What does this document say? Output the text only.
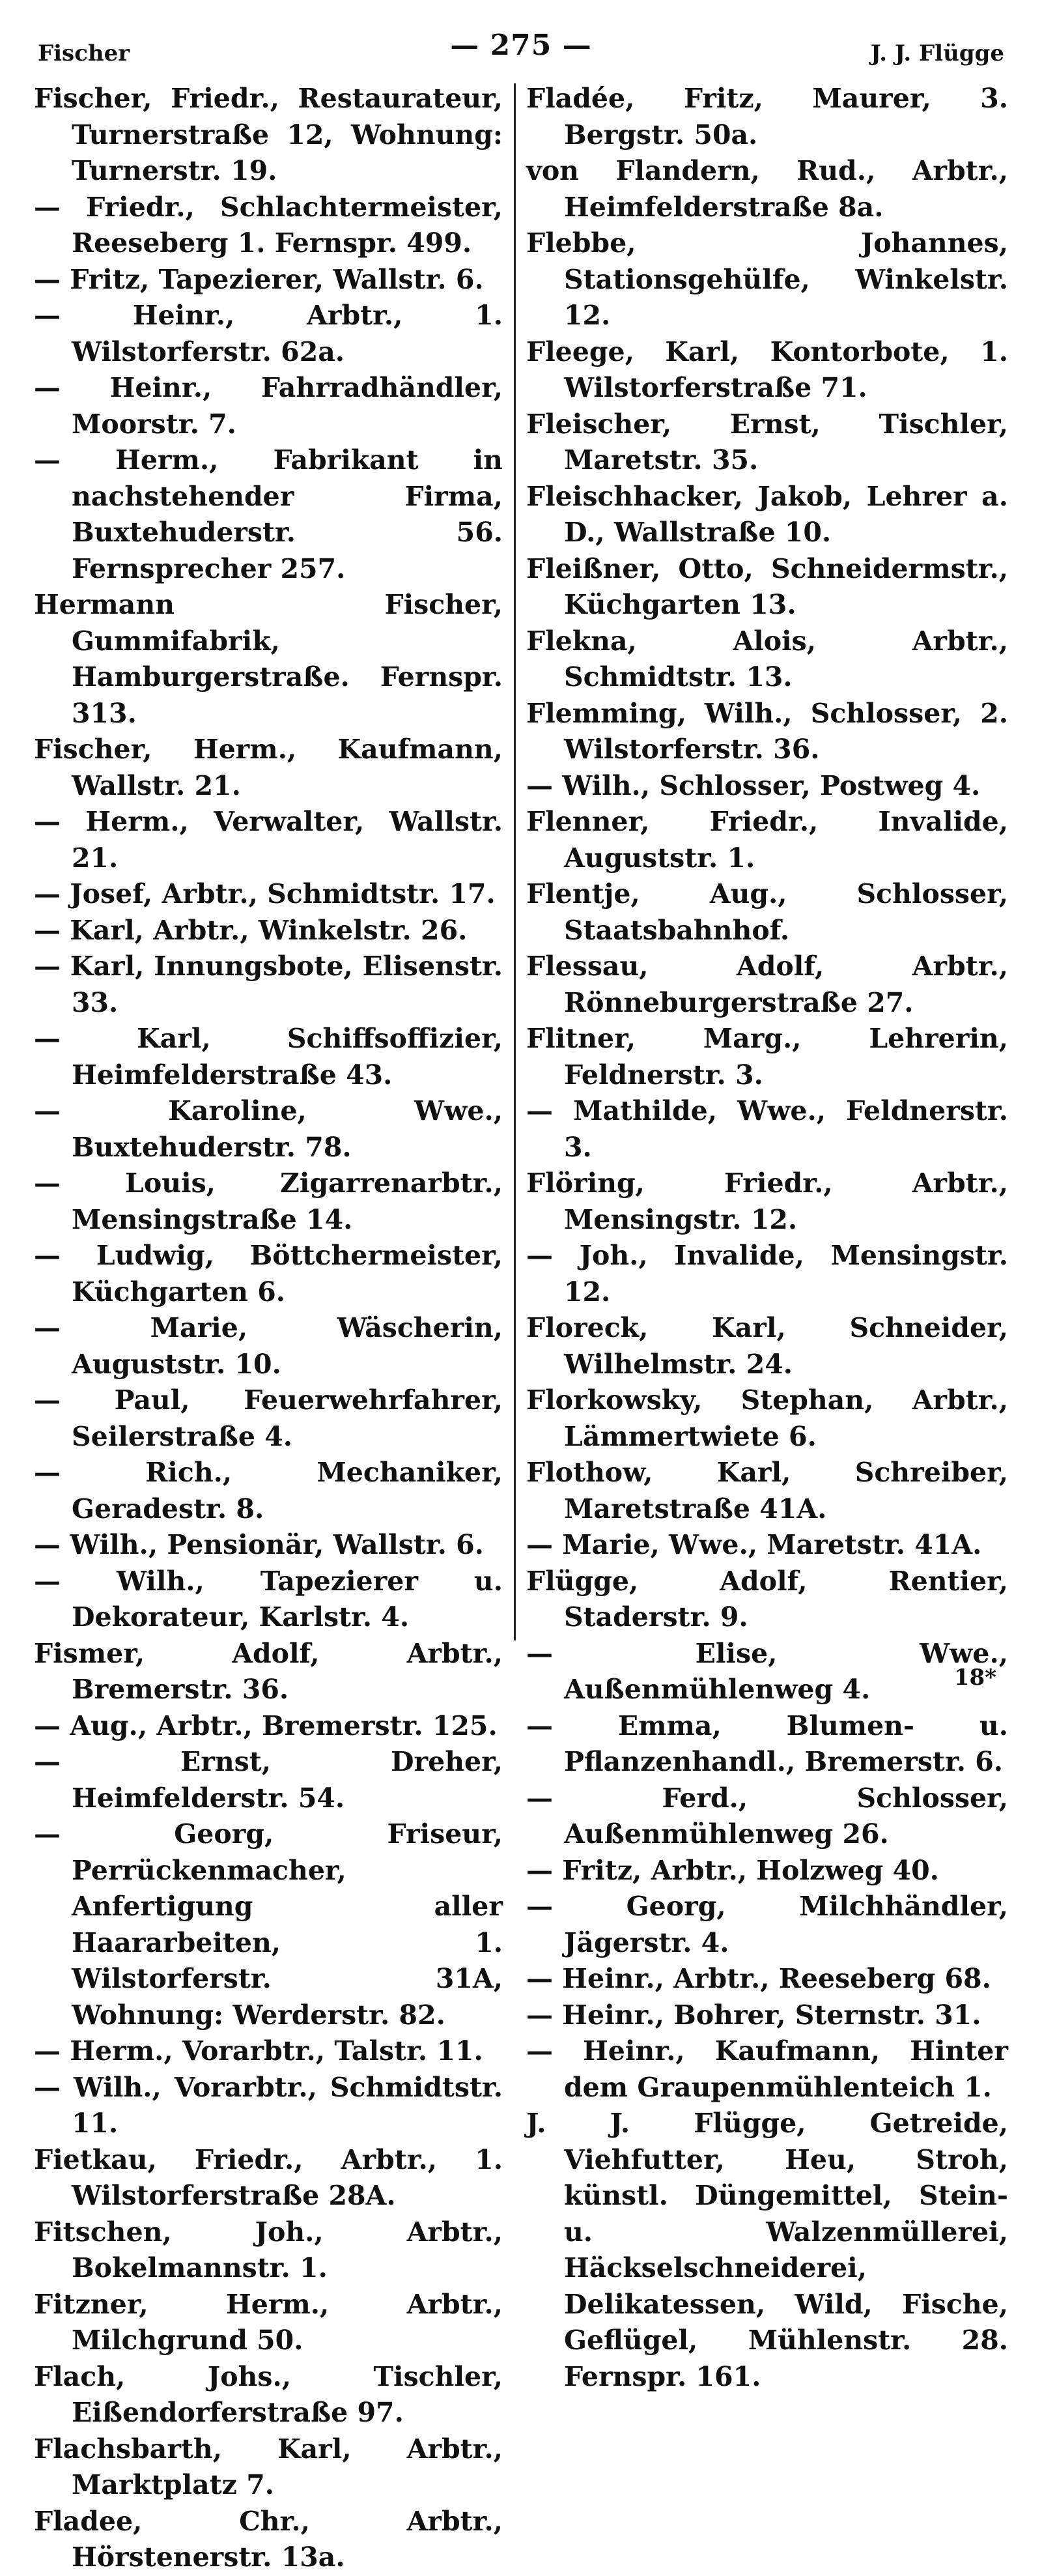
Fischer	— 275 —	J. J. Flügge

Fischer, Friedr., Restaurateur, Turnerstraße 12, Wohnung: Turnerstr. 19.

— Friedr., Schlachtermeister, Reeseberg 1. Fernspr. 499.

— Fritz, Tapezierer, Wallstr. 6.

— Heinr., Arbtr., 1. Wilstorferstr. 62a.

— Heinr., Fahrradhändler, Moorstr. 7.

— Herm., Fabrikant in nachstehender Firma, Buxtehuderstr. 56. Fernsprecher 257.

Hermann Fischer, Gummifabrik, Hamburgerstraße. Fernspr. 313.

Fischer, Herm., Kaufmann, Wallstr. 21.

— Herm., Verwalter, Wallstr. 21.

— Josef, Arbtr., Schmidtstr. 17.

— Karl, Arbtr., Winkelstr. 26.

— Karl, Innungsbote, Elisenstr. 33.

— Karl, Schiffsoffizier, Heimfelderstraße 43.

— Karoline, Wwe., Buxtehuderstr. 78.

— Louis, Zigarrenarbtr., Mensingstraße 14.

— Ludwig, Böttchermeister, Küchgarten 6.

— Marie, Wäscherin, Auguststr. 10.

— Paul, Feuerwehrfahrer, Seilerstraße 4.

— Rich., Mechaniker, Geradestr. 8.

— Wilh., Pensionär, Wallstr. 6.

— Wilh., Tapezierer u. Dekorateur, Karlstr. 4.

Fismer, Adolf, Arbtr., Bremerstr. 36.

— Aug., Arbtr., Bremerstr. 125.

— Ernst, Dreher, Heimfelderstr. 54.

— Georg, Friseur, Perrückenmacher, Anfertigung aller Haararbeiten, 1. Wilstorferstr. 31A, Wohnung: Werderstr. 82.

— Herm., Vorarbtr., Talstr. 11.

— Wilh., Vorarbtr., Schmidtstr. 11.

Fietkau, Friedr., Arbtr., 1. Wilstorferstraße 28A.

Fitschen, Joh., Arbtr., Bokelmannstr. 1.

Fitzner, Herm., Arbtr., Milchgrund 50.

Flach, Johs., Tischler, Eißendorferstraße 97.

Flachsbarth, Karl, Arbtr., Marktplatz 7.

Fladee, Chr., Arbtr., Hörstenerstr. 13a.

Fladée, Fritz, Maurer, 3. Bergstr. 50a.

von Flandern, Rud., Arbtr., Heimfelderstraße 8a.

Flebbe, Johannes, Stationsgehülfe, Winkelstr. 12.

Fleege, Karl, Kontorbote, 1. Wilstorferstraße 71.

Fleischer, Ernst, Tischler, Maretstr. 35.

Fleischhacker, Jakob, Lehrer a. D., Wallstraße 10.

Fleißner, Otto, Schneidermstr., Küchgarten 13.

Flekna, Alois, Arbtr., Schmidtstr. 13.

Flemming, Wilh., Schlosser, 2. Wilstorferstr. 36.

— Wilh., Schlosser, Postweg 4.

Flenner, Friedr., Invalide, Auguststr. 1.

Flentje, Aug., Schlosser, Staatsbahnhof.

Flessau, Adolf, Arbtr., Rönneburgerstraße 27.

Flitner, Marg., Lehrerin, Feldnerstr. 3.

— Mathilde, Wwe., Feldnerstr. 3.

Flöring, Friedr., Arbtr., Mensingstr. 12.

— Joh., Invalide, Mensingstr. 12.

Floreck, Karl, Schneider, Wilhelmstr. 24.

Florkowsky, Stephan, Arbtr., Lämmertwiete 6.

Flothow, Karl, Schreiber, Maretstraße 41A.

— Marie, Wwe., Maretstr. 41A.

Flügge, Adolf, Rentier, Staderstr. 9.

— Elise, Wwe., Außenmühlenweg 4.

— Emma, Blumen- u. Pflanzenhandl., Bremerstr. 6.

— Ferd., Schlosser, Außenmühlenweg 26.

— Fritz, Arbtr., Holzweg 40.

— Georg, Milchhändler, Jägerstr. 4.

— Heinr., Arbtr., Reeseberg 68.

— Heinr., Bohrer, Sternstr. 31.

— Heinr., Kaufmann, Hinter dem Graupenmühlenteich 1.

J. J. Flügge, Getreide, Viehfutter, Heu, Stroh, künstl. Düngemittel, Stein- u. Walzenmüllerei, Häckselschneiderei, Delikatessen, Wild, Fische, Geflügel, Mühlenstr. 28. Fernspr. 161.

18*
